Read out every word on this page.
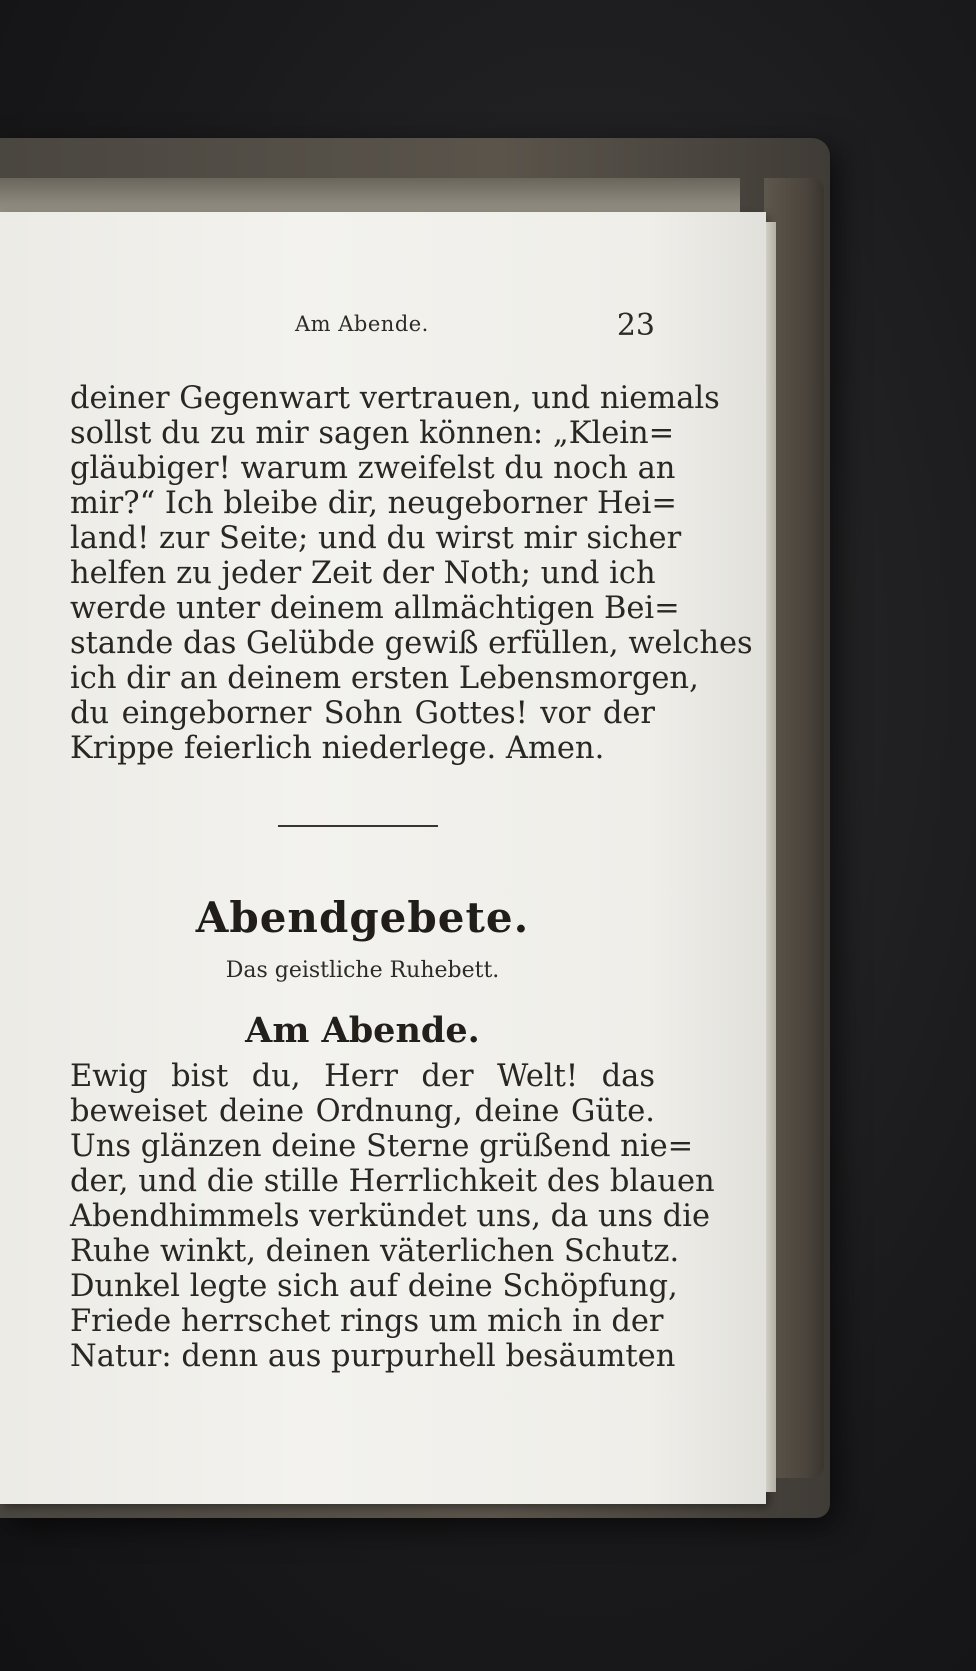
Am Abende.	23
deiner Gegenwart vertrauen, und niemals
sollst du zu mir sagen können: „Klein=
gläubiger! warum zweifelst du noch an
mir?“ Ich bleibe dir, neugeborner Hei=
land! zur Seite; und du wirst mir sicher
helfen zu jeder Zeit der Noth; und ich
werde unter deinem allmächtigen Bei=
stande das Gelübde gewiß erfüllen, welches
ich dir an deinem ersten Lebensmorgen,
du eingeborner Sohn Gottes! vor der
Krippe feierlich niederlege. Amen.
Abendgebete.
Das geistliche Ruhebett.
Am Abende.
Ewig bist du, Herr der Welt! das
beweiset deine Ordnung, deine Güte.
Uns glänzen deine Sterne grüßend nie=
der, und die stille Herrlichkeit des blauen
Abendhimmels verkündet uns, da uns die
Ruhe winkt, deinen väterlichen Schutz.
Dunkel legte sich auf deine Schöpfung,
Friede herrschet rings um mich in der
Natur: denn aus purpurhell besäumten
